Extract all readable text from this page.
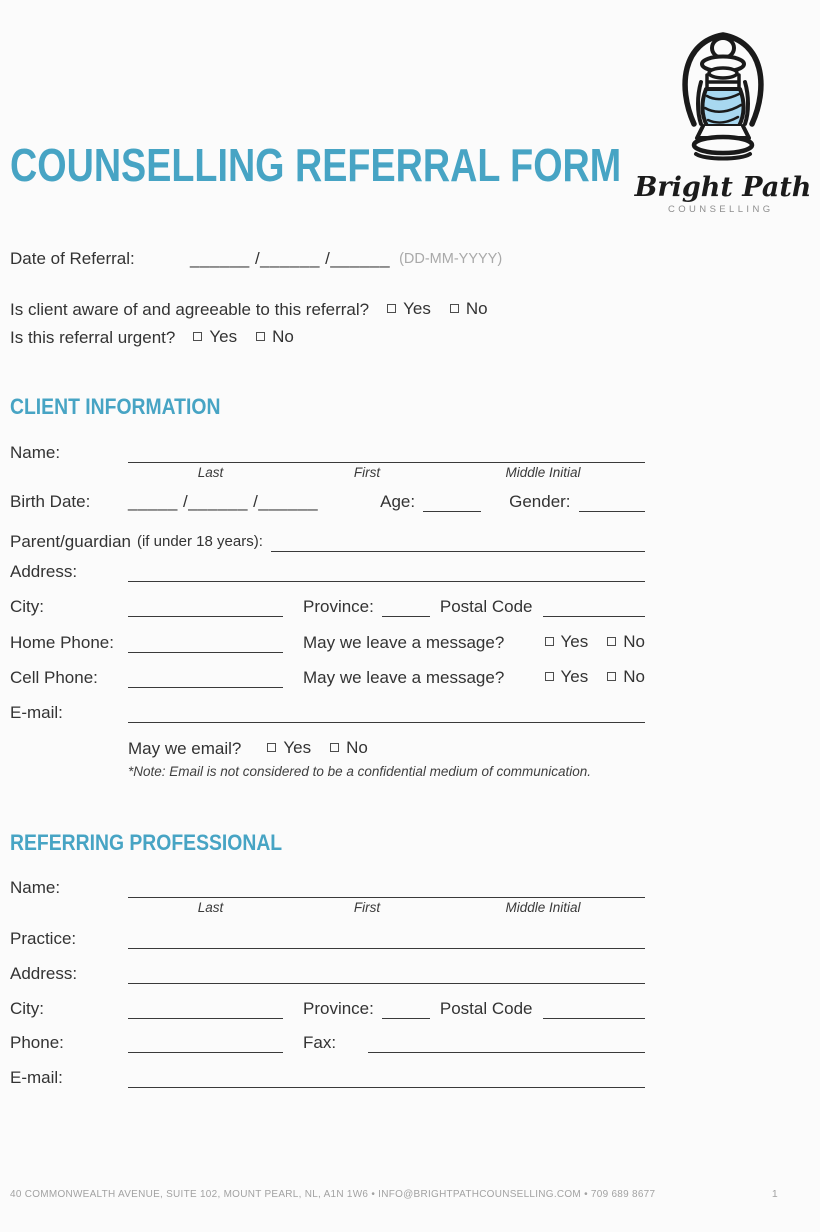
Bright Path
COUNSELLING
COUNSELLING REFERRAL FORM
Date of Referral:	______ /______ /______ (DD-MM-YYYY)
Is client aware of and agreeable to this referral? Yes No
Is this referral urgent? Yes No
CLIENT INFORMATION
Name:
Last	First	Middle Initial
Birth Date:	_____ /______ /______	Age:	Gender:
Parent/guardian (if under 18 years):
Address:
City:	Province:	Postal Code
Home Phone:	May we leave a message?	Yes No
Cell Phone:	May we leave a message?	Yes No
E-mail:
May we email? Yes No
*Note: Email is not considered to be a confidential medium of communication.
REFERRING PROFESSIONAL
Name:
Last	First	Middle Initial
Practice:
Address:
City:	Province:	Postal Code
Phone:	Fax:
E-mail:
40 COMMONWEALTH AVENUE, SUITE 102, MOUNT PEARL, NL, A1N 1W6 • INFO@BRIGHTPATHCOUNSELLING.COM • 709 689 8677	1
